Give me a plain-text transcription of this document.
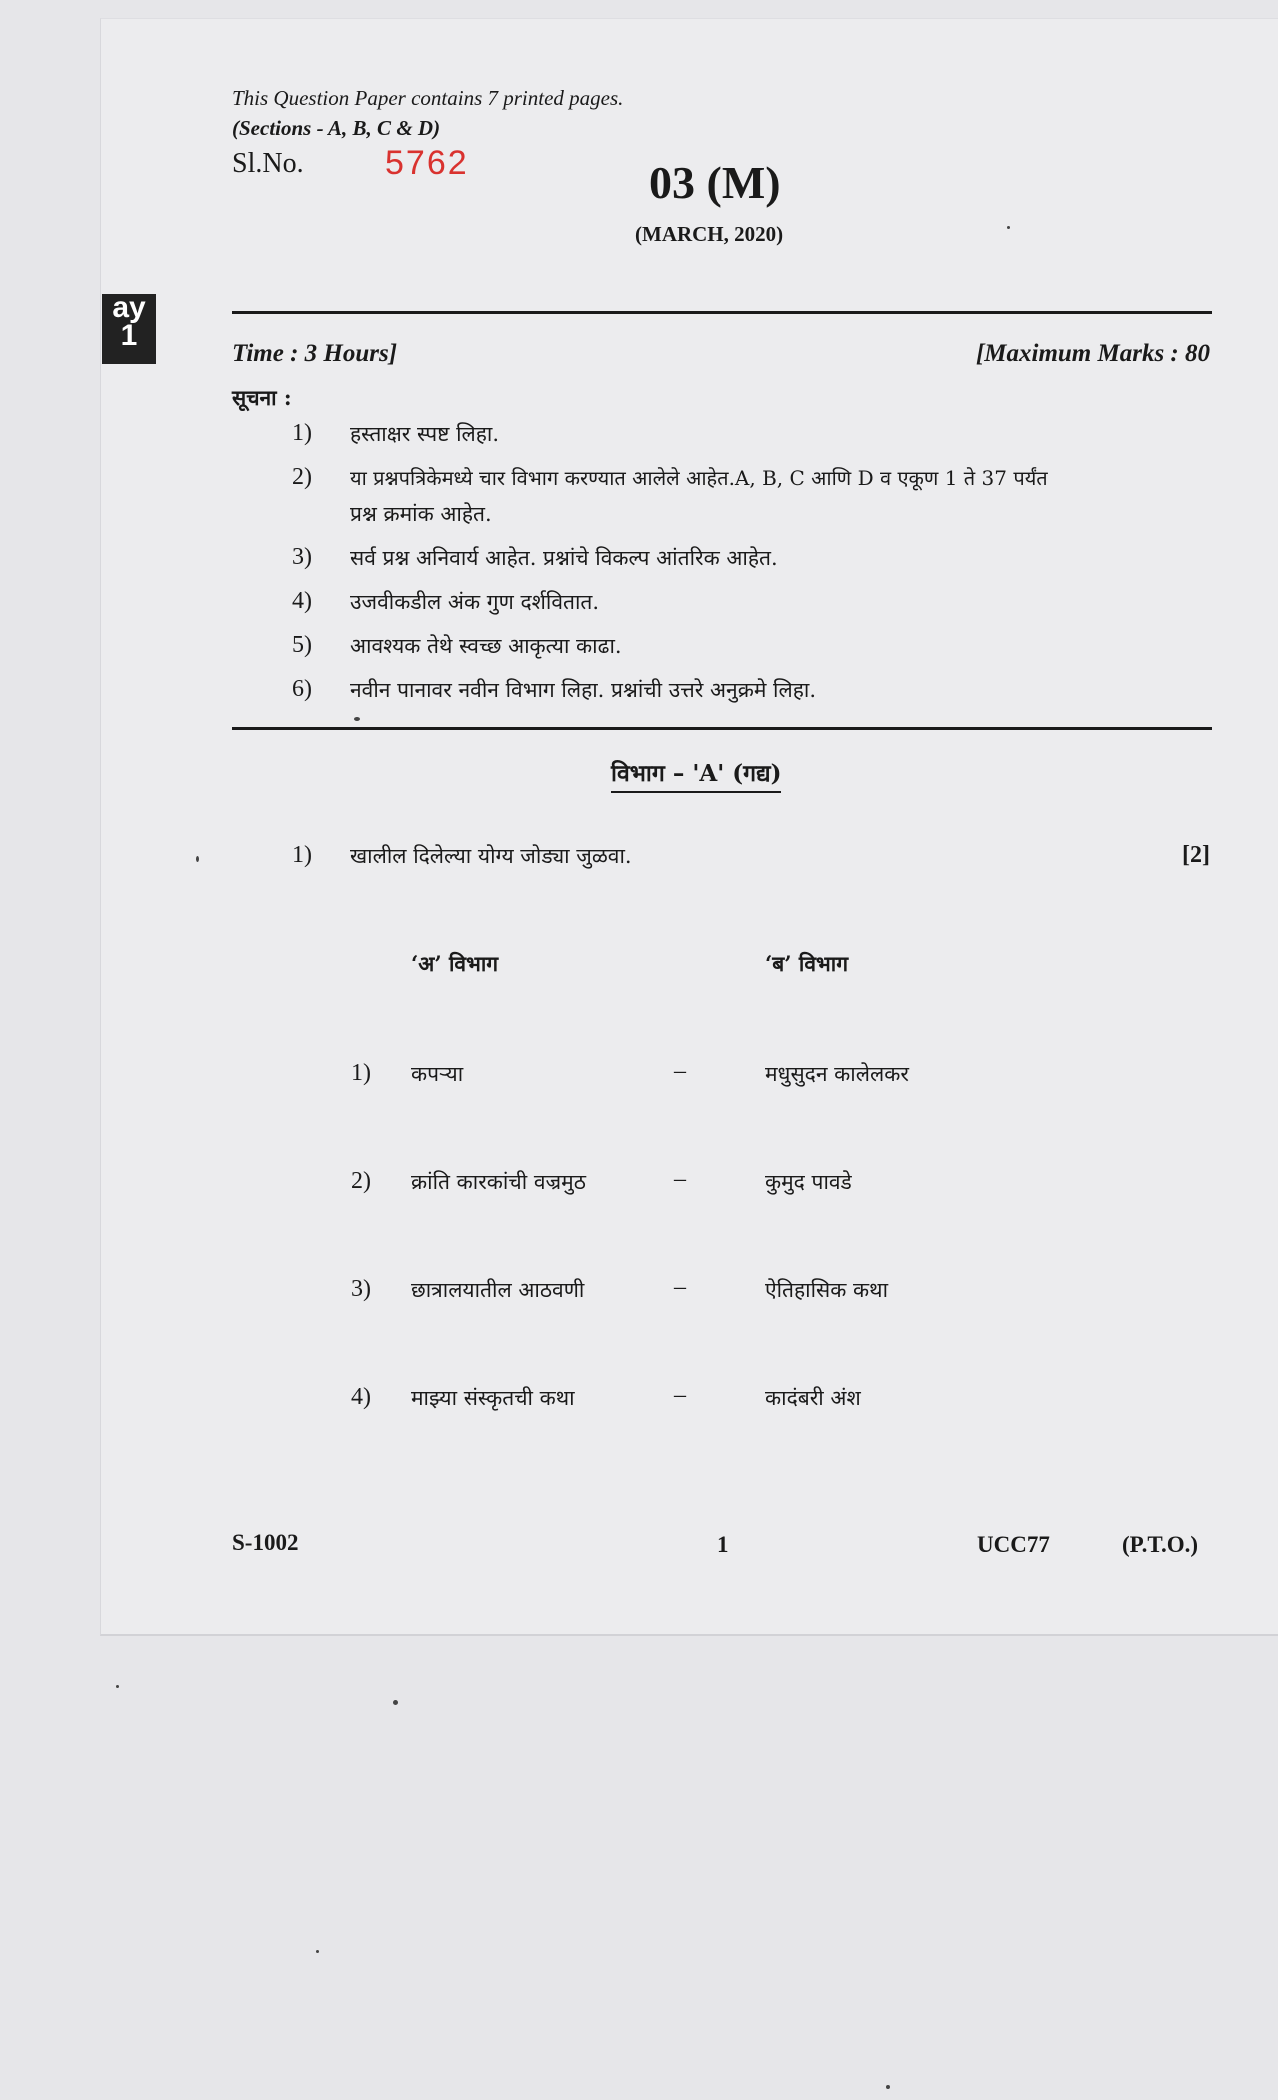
ay
1
This Question Paper contains 7 printed pages.
(Sections - A, B, C & D)
Sl.No. 5762	03 (M)
(MARCH, 2020)
Time : 3 Hours]	[Maximum Marks : 80
सूचना :
1) हस्ताक्षर स्पष्ट लिहा.
2) या प्रश्नपत्रिकेमध्ये चार विभाग करण्यात आलेले आहेत.A, B, C आणि D व एकूण 1 ते 37 पर्यंत
प्रश्न क्रमांक आहेत.
3) सर्व प्रश्न अनिवार्य आहेत. प्रश्नांचे विकल्प आंतरिक आहेत.
4) उजवीकडील अंक गुण दर्शवितात.
5) आवश्यक तेथे स्वच्छ आकृत्या काढा.
6) नवीन पानावर नवीन विभाग लिहा. प्रश्नांची उत्तरे अनुक्रमे लिहा.
विभाग – 'A' (गद्य)
1) खालील दिलेल्या योग्य जोड्या जुळवा.	[2]
‘अ’ विभाग	‘ब’ विभाग
1) कपऱ्या	–	मधुसुदन कालेलकर
2) क्रांति कारकांची वज्रमुठ	–	कुमुद पावडे
3) छात्रालयातील आठवणी	–	ऐतिहासिक कथा
4) माझ्या संस्कृतची कथा	–	कादंबरी अंश
S-1002	1	UCC77	(P.T.O.)
